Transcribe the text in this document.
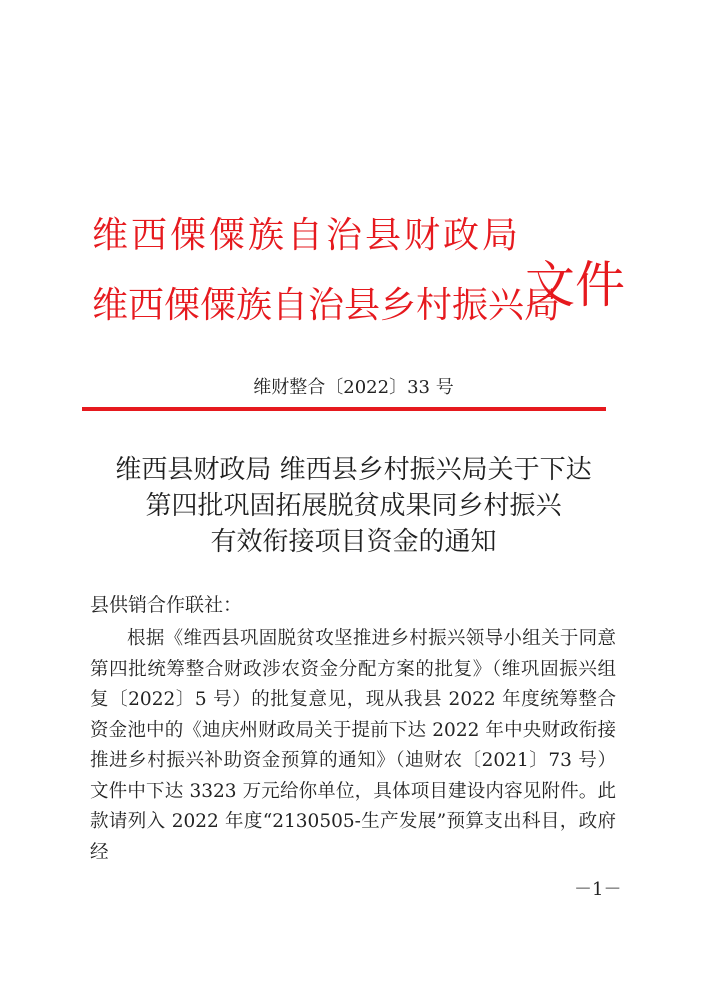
维西傈僳族自治县财政局
维西傈僳族自治县乡村振兴局
文件
维财整合〔2022〕33 号
维西县财政局 维西县乡村振兴局关于下达
第四批巩固拓展脱贫成果同乡村振兴
有效衔接项目资金的通知
县供销合作联社：

根据《维西县巩固脱贫攻坚推进乡村振兴领导小组关于同意第四批统筹整合财政涉农资金分配方案的批复》（维巩固振兴组复〔2022〕5 号）的批复意见，现从我县 2022 年度统筹整合资金池中的《迪庆州财政局关于提前下达 2022 年中央财政衔接推进乡村振兴补助资金预算的通知》（迪财农〔2021〕73 号）文件中下达 3323 万元给你单位，具体项目建设内容见附件。此款请列入 2022 年度“2130505-生产发展”预算支出科目，政府经

－1－
